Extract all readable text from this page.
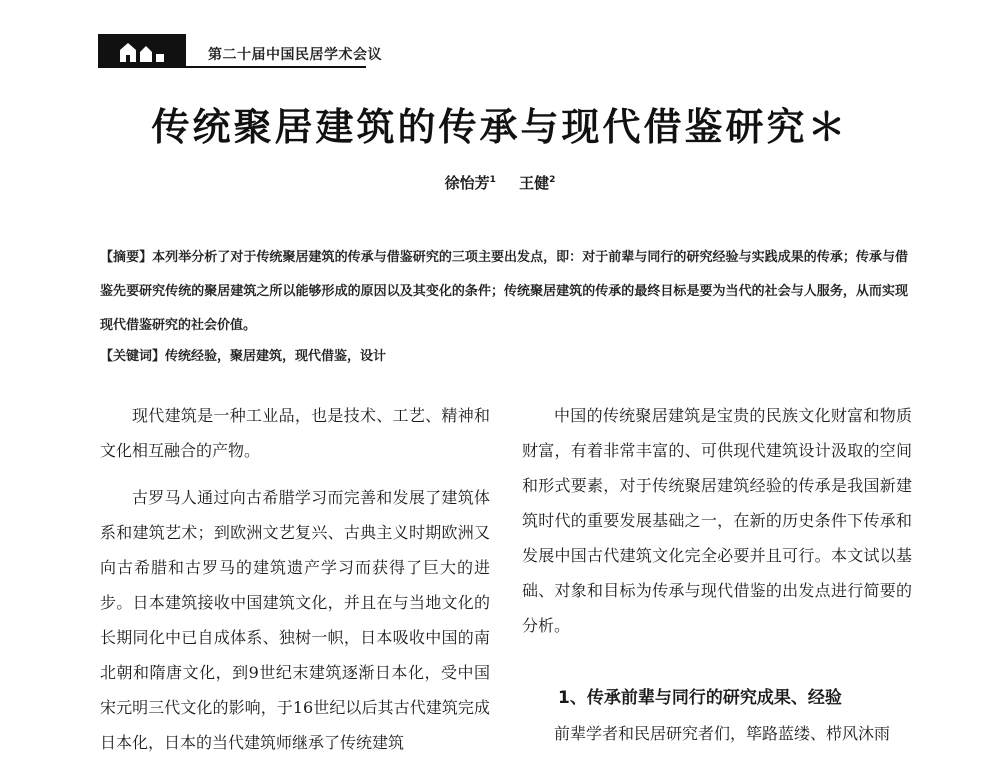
第二十届中国民居学术会议
传统聚居建筑的传承与现代借鉴研究＊
徐怡芳$^1$ 王健$^2$

【摘要】本列举分析了对于传统聚居建筑的传承与借鉴研究的三项主要出发点，即：对于前辈与同行的研究经验与实践成果的传承；传承与借鉴先要研究传统的聚居建筑之所以能够形成的原因以及其变化的条件；传统聚居建筑的传承的最终目标是要为当代的社会与人服务，从而实现现代借鉴研究的社会价值。

【关键词】传统经验，聚居建筑，现代借鉴，设计

现代建筑是一种工业品，也是技术、工艺、精神和文化相互融合的产物。

古罗马人通过向古希腊学习而完善和发展了建筑体系和建筑艺术；到欧洲文艺复兴、古典主义时期欧洲又向古希腊和古罗马的建筑遗产学习而获得了巨大的进步。日本建筑接收中国建筑文化，并且在与当地文化的长期同化中已自成体系、独树一帜，日本吸收中国的南北朝和隋唐文化，到9世纪末建筑逐渐日本化，受中国宋元明三代文化的影响，于16世纪以后其古代建筑完成日本化，日本的当代建筑师继承了传统建筑

中国的传统聚居建筑是宝贵的民族文化财富和物质财富，有着非常丰富的、可供现代建筑设计汲取的空间和形式要素，对于传统聚居建筑经验的传承是我国新建筑时代的重要发展基础之一，在新的历史条件下传承和发展中国古代建筑文化完全必要并且可行。本文试以基础、对象和目标为传承与现代借鉴的出发点进行简要的分析。

1、传承前辈与同行的研究成果、经验

前辈学者和民居研究者们，筚路蓝缕、栉风沐雨
